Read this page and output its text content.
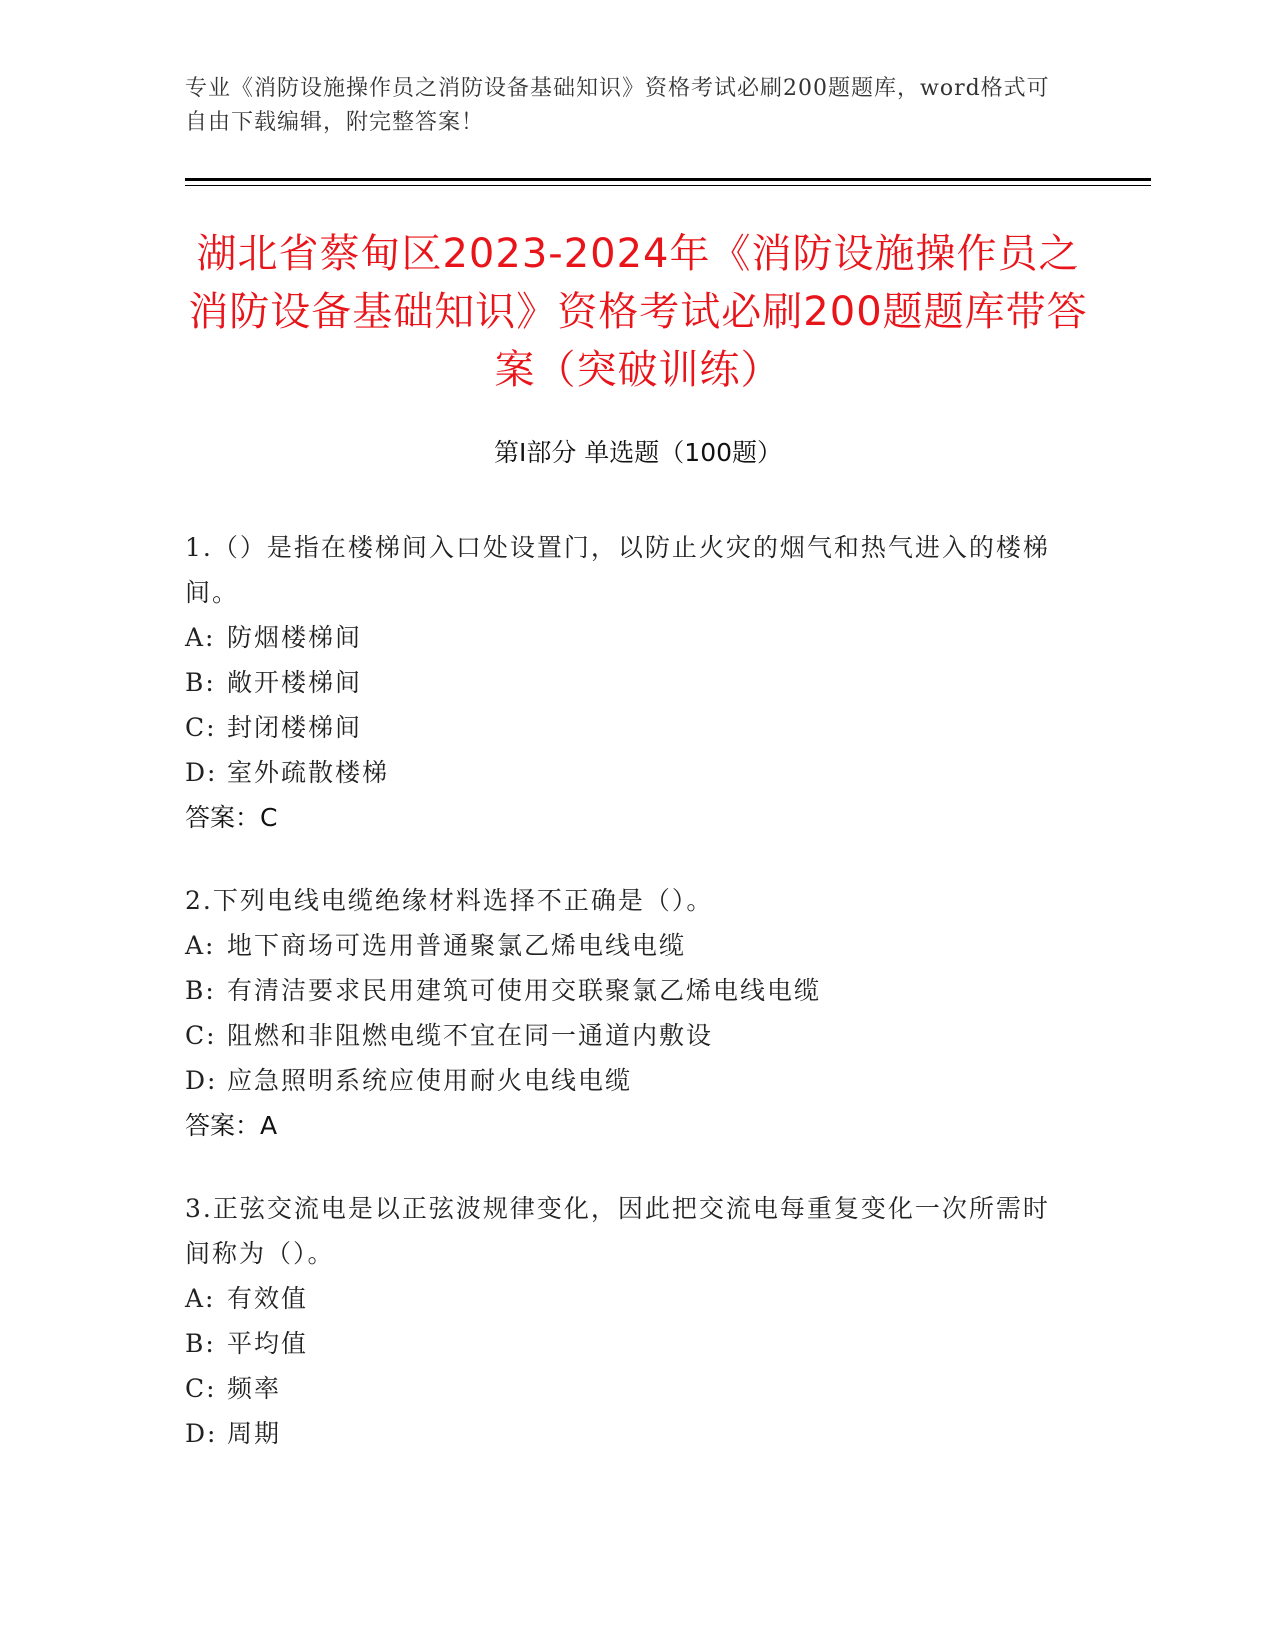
专业《消防设施操作员之消防设备基础知识》资格考试必刷200题题库，word格式可自由下载编辑，附完整答案！
湖北省蔡甸区2023-2024年《消防设施操作员之消防设备基础知识》资格考试必刷200题题库带答案（突破训练）
第Ⅰ部分 单选题（100题）
1.（）是指在楼梯间入口处设置门，以防止火灾的烟气和热气进入的楼梯间。
A: 防烟楼梯间
B: 敞开楼梯间
C: 封闭楼梯间
D: 室外疏散楼梯
答案：C
2.下列电线电缆绝缘材料选择不正确是（）。
A: 地下商场可选用普通聚氯乙烯电线电缆
B: 有清洁要求民用建筑可使用交联聚氯乙烯电线电缆
C: 阻燃和非阻燃电缆不宜在同一通道内敷设
D: 应急照明系统应使用耐火电线电缆
答案：A
3.正弦交流电是以正弦波规律变化，因此把交流电每重复变化一次所需时间称为（）。
A: 有效值
B: 平均值
C: 频率
D: 周期
